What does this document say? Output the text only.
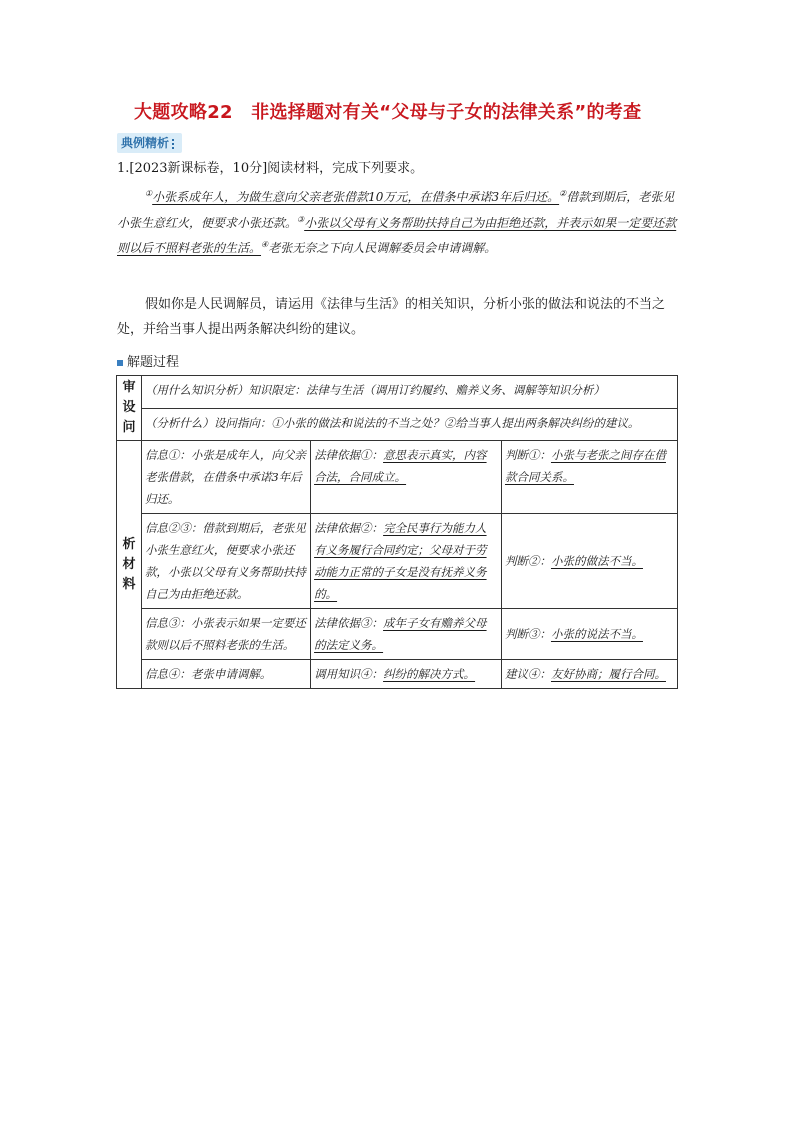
大题攻略22　非选择题对有关“父母与子女的法律关系”的考查
典例精析
1.[2023新课标卷，10分]阅读材料，完成下列要求。
①小张系成年人，为做生意向父亲老张借款10万元，在借条中承诺3年后归还。②借款到期后，老张见小张生意红火，便要求小张还款。③小张以父母有义务帮助扶持自己为由拒绝还款，并表示如果一定要还款则以后不照料老张的生活。④老张无奈之下向人民调解委员会申请调解。
假如你是人民调解员，请运用《法律与生活》的相关知识，分析小张的做法和说法的不当之处，并给当事人提出两条解决纠纷的建议。
解题过程
审
设
问	（用什么知识分析）知识限定：法律与生活（调用订约履约、赡养义务、调解等知识分析）		
	（分析什么）设问指向：①小张的做法和说法的不当之处？②给当事人提出两条解决纠纷的建议。		
析
材
料	信息①：小张是成年人，向父亲老张借款，在借条中承诺3年后归还。	法律依据①：意思表示真实，内容合法，合同成立。	判断①：小张与老张之间存在借款合同关系。
	信息②③：借款到期后，老张见小张生意红火，便要求小张还款，小张以父母有义务帮助扶持自己为由拒绝还款。	法律依据②：完全民事行为能力人有义务履行合同约定；父母对于劳动能力正常的子女是没有抚养义务的。	判断②：小张的做法不当。
	信息③：小张表示如果一定要还款则以后不照料老张的生活。	法律依据③：成年子女有赡养父母的法定义务。	判断③：小张的说法不当。
	信息④：老张申请调解。	调用知识④：纠纷的解决方式。	建议④：友好协商；履行合同。
